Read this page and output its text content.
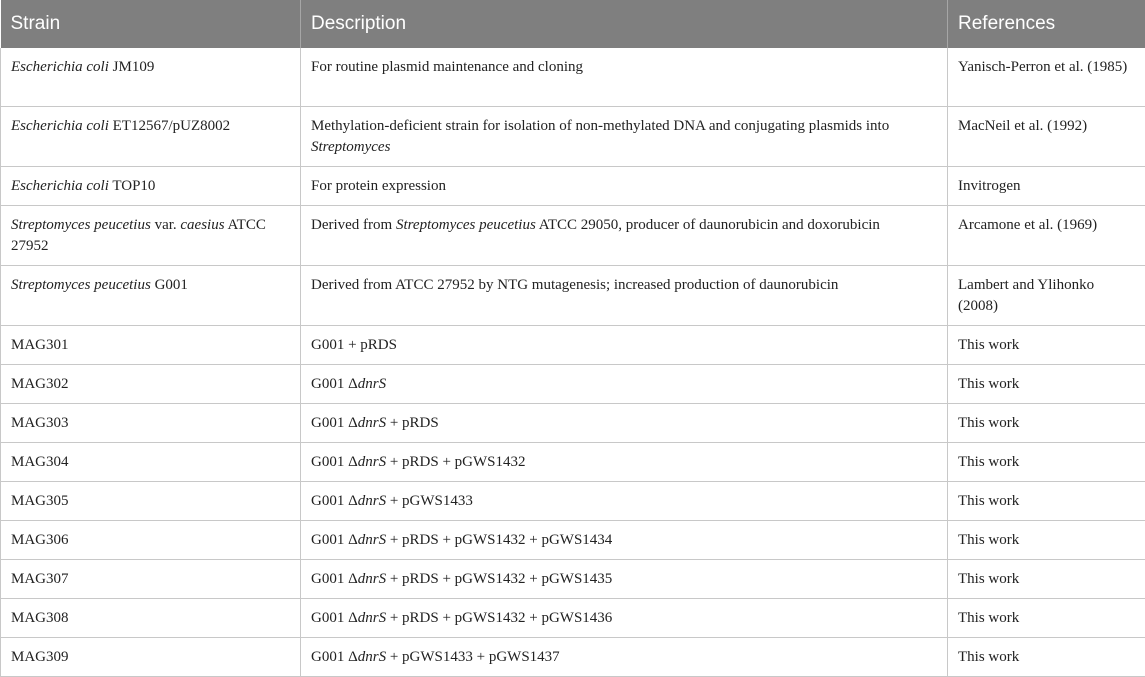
Strain	Description	References
Escherichia coli JM109	For routine plasmid maintenance and cloning	Yanisch-Perron et al. (1985)
Escherichia coli ET12567/pUZ8002	Methylation-deficient strain for isolation of non-methylated DNA and conjugating plasmids into Streptomyces	MacNeil et al. (1992)
Escherichia coli TOP10	For protein expression	Invitrogen
Streptomyces peucetius var. caesius ATCC 27952	Derived from Streptomyces peucetius ATCC 29050, producer of daunorubicin and doxorubicin	Arcamone et al. (1969)
Streptomyces peucetius G001	Derived from ATCC 27952 by NTG mutagenesis; increased production of daunorubicin	Lambert and Ylihonko (2008)
MAG301	G001 + pRDS	This work
MAG302	G001 ΔdnrS	This work
MAG303	G001 ΔdnrS + pRDS	This work
MAG304	G001 ΔdnrS + pRDS + pGWS1432	This work
MAG305	G001 ΔdnrS + pGWS1433	This work
MAG306	G001 ΔdnrS + pRDS + pGWS1432 + pGWS1434	This work
MAG307	G001 ΔdnrS + pRDS + pGWS1432 + pGWS1435	This work
MAG308	G001 ΔdnrS + pRDS + pGWS1432 + pGWS1436	This work
MAG309	G001 ΔdnrS + pGWS1433 + pGWS1437	This work
